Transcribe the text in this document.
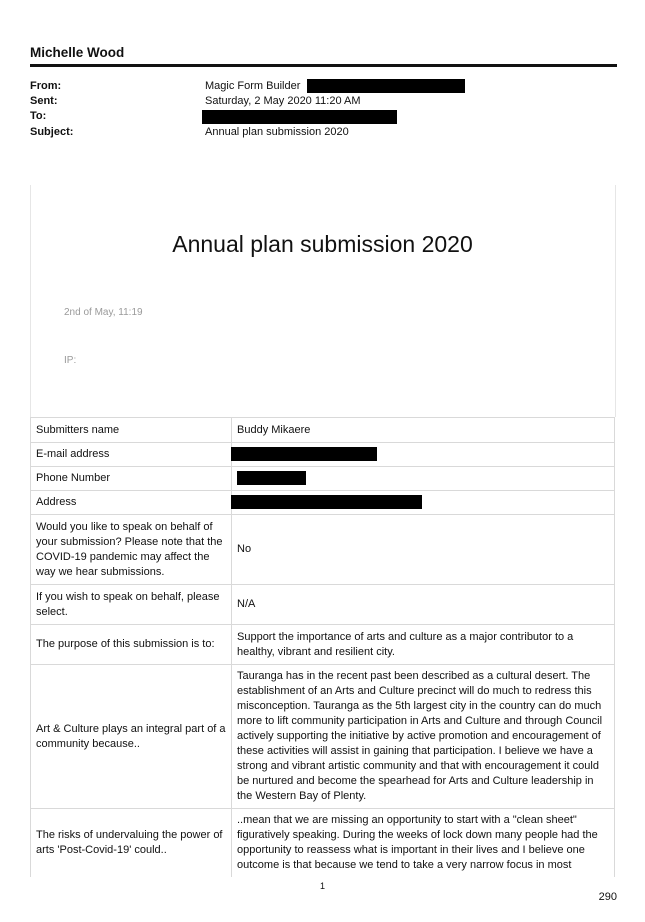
Michelle Wood
From:	Magic Form Builder
Sent:	Saturday, 2 May 2020 11:20 AM
To:
Subject:	Annual plan submission 2020
Annual plan submission 2020
2nd of May, 11:19
IP:
Submitters name	Buddy Mikaere
E-mail address	
Phone Number	
Address	
Would you like to speak on behalf of your submission? Please note that the COVID-19 pandemic may affect the way we hear submissions.	No
If you wish to speak on behalf, please select.	N/A
The purpose of this submission is to:	Support the importance of arts and culture as a major contributor to a healthy, vibrant and resilient city.
Art & Culture plays an integral part of a community because..	Tauranga has in the recent past been described as a cultural desert. The establishment of an Arts and Culture precinct will do much to redress this misconception. Tauranga as the 5th largest city in the country can do much more to lift community participation in Arts and Culture and through Council actively supporting the initiative by active promotion and encouragement of these activities will assist in gaining that participation. I believe we have a strong and vibrant artistic community and that with encouragement it could be nurtured and become the spearhead for Arts and Culture leadership in the Western Bay of Plenty.
The risks of undervaluing the power of arts 'Post-Covid-19' could..	..mean that we are missing an opportunity to start with a "clean sheet" figuratively speaking. During the weeks of lock down many people had the opportunity to reassess what is important in their lives and I believe one outcome is that because we tend to take a very narrow focus in most
1
290
